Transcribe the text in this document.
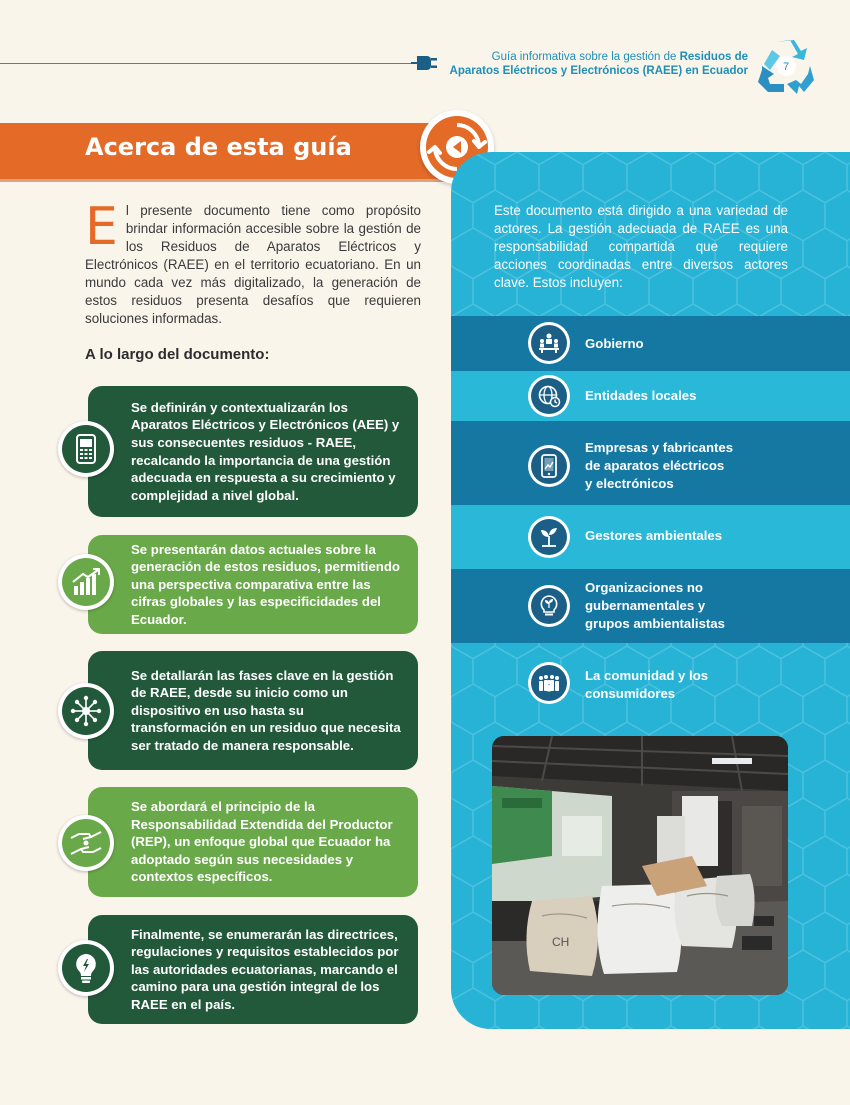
Guía informativa sobre la gestión de Residuos de
Aparatos Eléctricos y Electrónicos (RAEE) en Ecuador	7
Acerca de esta guía
El presente documento tiene como propósito brindar información accesible sobre la gestión de los Residuos de Aparatos Eléctricos y Electrónicos (RAEE) en el territorio ecuatoriano. En un mundo cada vez más digitalizado, la generación de estos residuos presenta desafíos que requieren soluciones informadas.
A lo largo del documento:
Se definirán y contextualizarán los Aparatos Eléctricos y Electrónicos (AEE) y sus consecuentes residuos - RAEE, recalcando la importancia de una gestión adecuada en respuesta a su crecimiento y complejidad a nivel global.
Se presentarán datos actuales sobre la generación de estos residuos, permitiendo una perspectiva comparativa entre las cifras globales y las especificidades del Ecuador.
Se detallarán las fases clave en la gestión de RAEE, desde su inicio como un dispositivo en uso hasta su transformación en un residuo que necesita ser tratado de manera responsable.
Se abordará el principio de la Responsabilidad Extendida del Productor (REP), un enfoque global que Ecuador ha adoptado según sus necesidades y contextos específicos.
Finalmente, se enumerarán las directrices, regulaciones y requisitos establecidos por las autoridades ecuatorianas, marcando el camino para una gestión integral de los RAEE en el país.
Este documento está dirigido a una variedad de actores. La gestión adecuada de RAEE es una responsabilidad compartida que requiere acciones coordinadas entre diversos actores clave. Estos incluyen:
Gobierno
Entidades locales
Empresas y fabricantes
de aparatos eléctricos
y electrónicos
Gestores ambientales
Organizaciones no
gubernamentales y
grupos ambientalistas
La comunidad y los
consumidores
CH
